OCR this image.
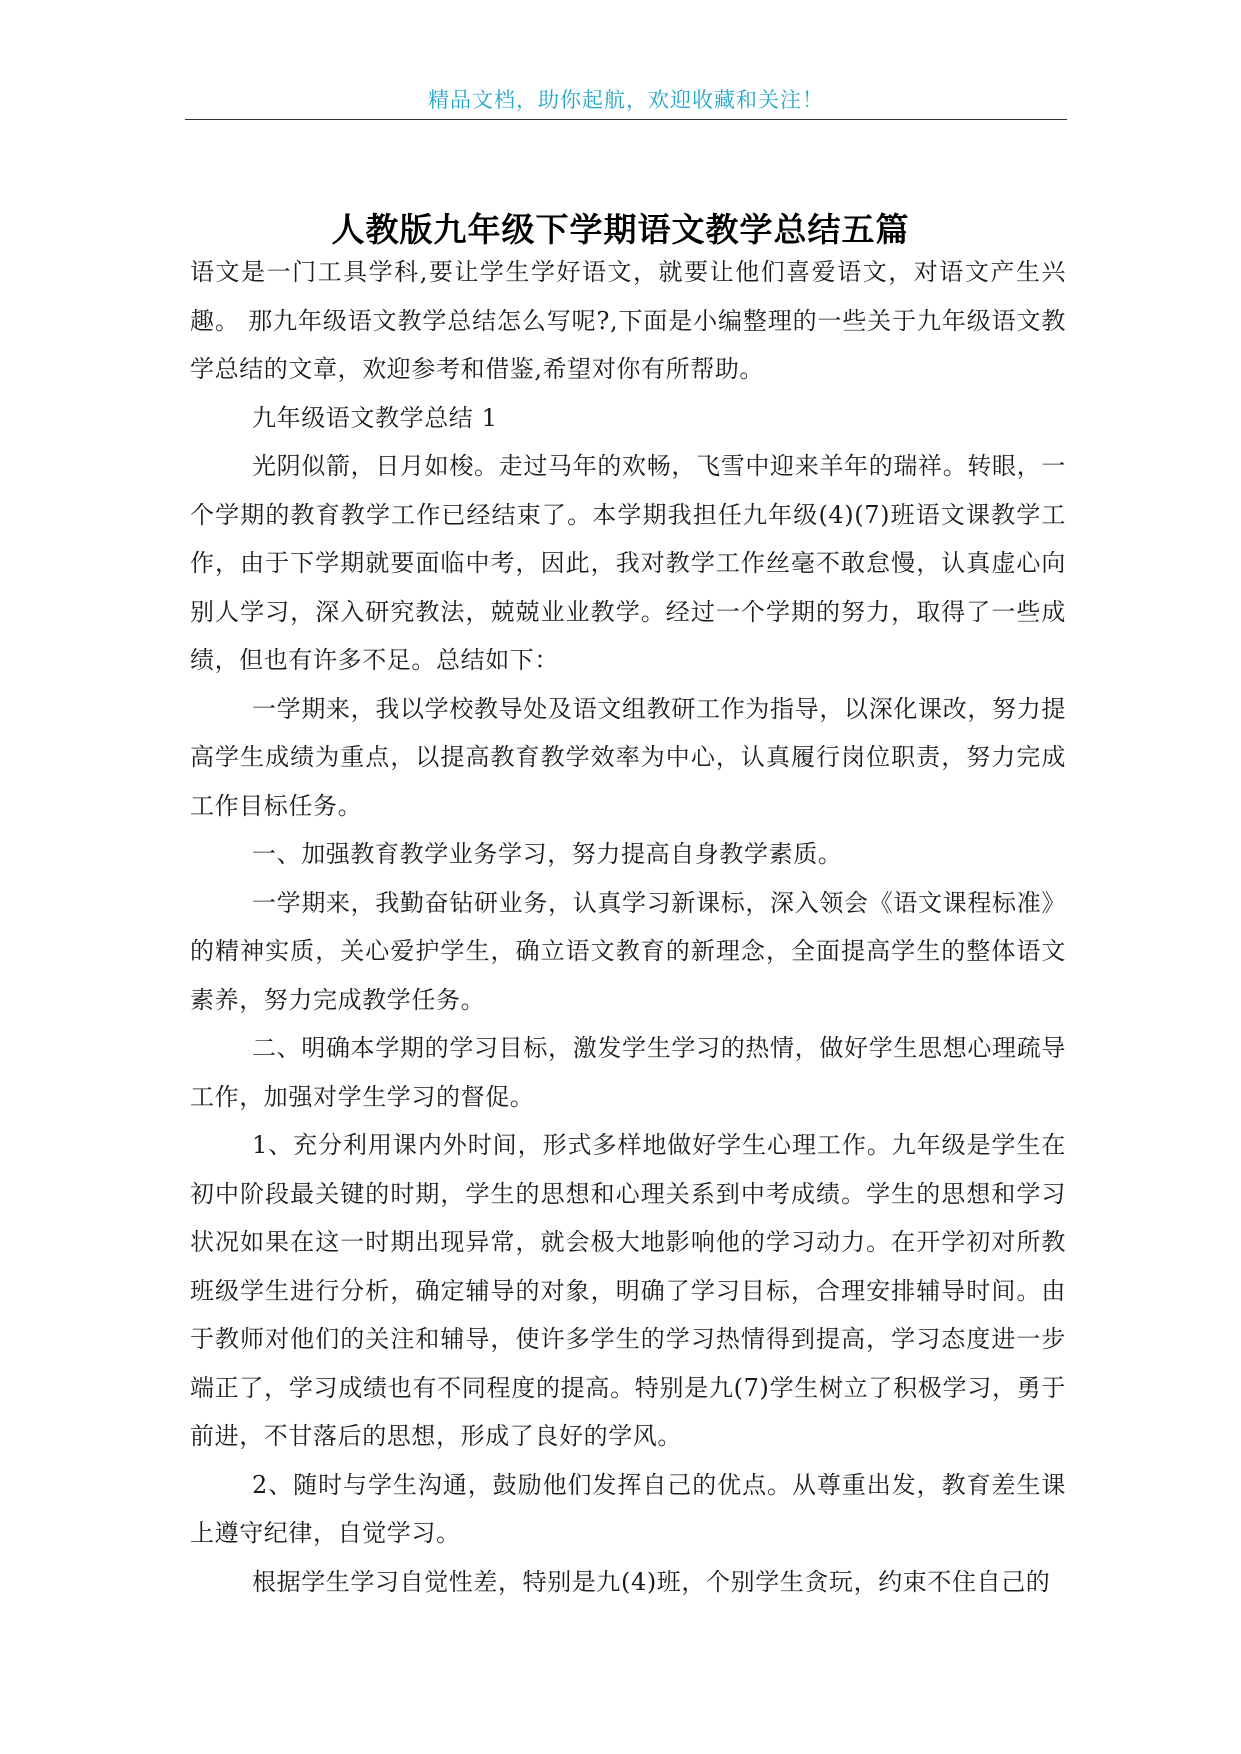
精品文档，助你起航，欢迎收藏和关注！
人教版九年级下学期语文教学总结五篇

语文是一门工具学科,要让学生学好语文，就要让他们喜爱语文，对语文产生兴趣。 那九年级语文教学总结怎么写呢?,下面是小编整理的一些关于九年级语文教学总结的文章，欢迎参考和借鉴,希望对你有所帮助。

九年级语文教学总结 1

光阴似箭，日月如梭。走过马年的欢畅，飞雪中迎来羊年的瑞祥。转眼，一个学期的教育教学工作已经结束了。本学期我担任九年级(4)(7)班语文课教学工作，由于下学期就要面临中考，因此，我对教学工作丝毫不敢怠慢，认真虚心向别人学习，深入研究教法，兢兢业业教学。经过一个学期的努力，取得了一些成绩，但也有许多不足。总结如下：

一学期来，我以学校教导处及语文组教研工作为指导，以深化课改，努力提高学生成绩为重点，以提高教育教学效率为中心，认真履行岗位职责，努力完成工作目标任务。

一、加强教育教学业务学习，努力提高自身教学素质。

一学期来，我勤奋钻研业务，认真学习新课标，深入领会《语文课程标准》的精神实质，关心爱护学生，确立语文教育的新理念，全面提高学生的整体语文素养，努力完成教学任务。

二、明确本学期的学习目标，激发学生学习的热情，做好学生思想心理疏导工作，加强对学生学习的督促。

1、充分利用课内外时间，形式多样地做好学生心理工作。九年级是学生在初中阶段最关键的时期，学生的思想和心理关系到中考成绩。学生的思想和学习状况如果在这一时期出现异常，就会极大地影响他的学习动力。在开学初对所教班级学生进行分析，确定辅导的对象，明确了学习目标，合理安排辅导时间。由于教师对他们的关注和辅导，使许多学生的学习热情得到提高，学习态度进一步端正了，学习成绩也有不同程度的提高。特别是九(7)学生树立了积极学习，勇于前进，不甘落后的思想，形成了良好的学风。

2、随时与学生沟通，鼓励他们发挥自己的优点。从尊重出发，教育差生课上遵守纪律，自觉学习。

根据学生学习自觉性差，特别是九(4)班，个别学生贪玩，约束不住自己的
